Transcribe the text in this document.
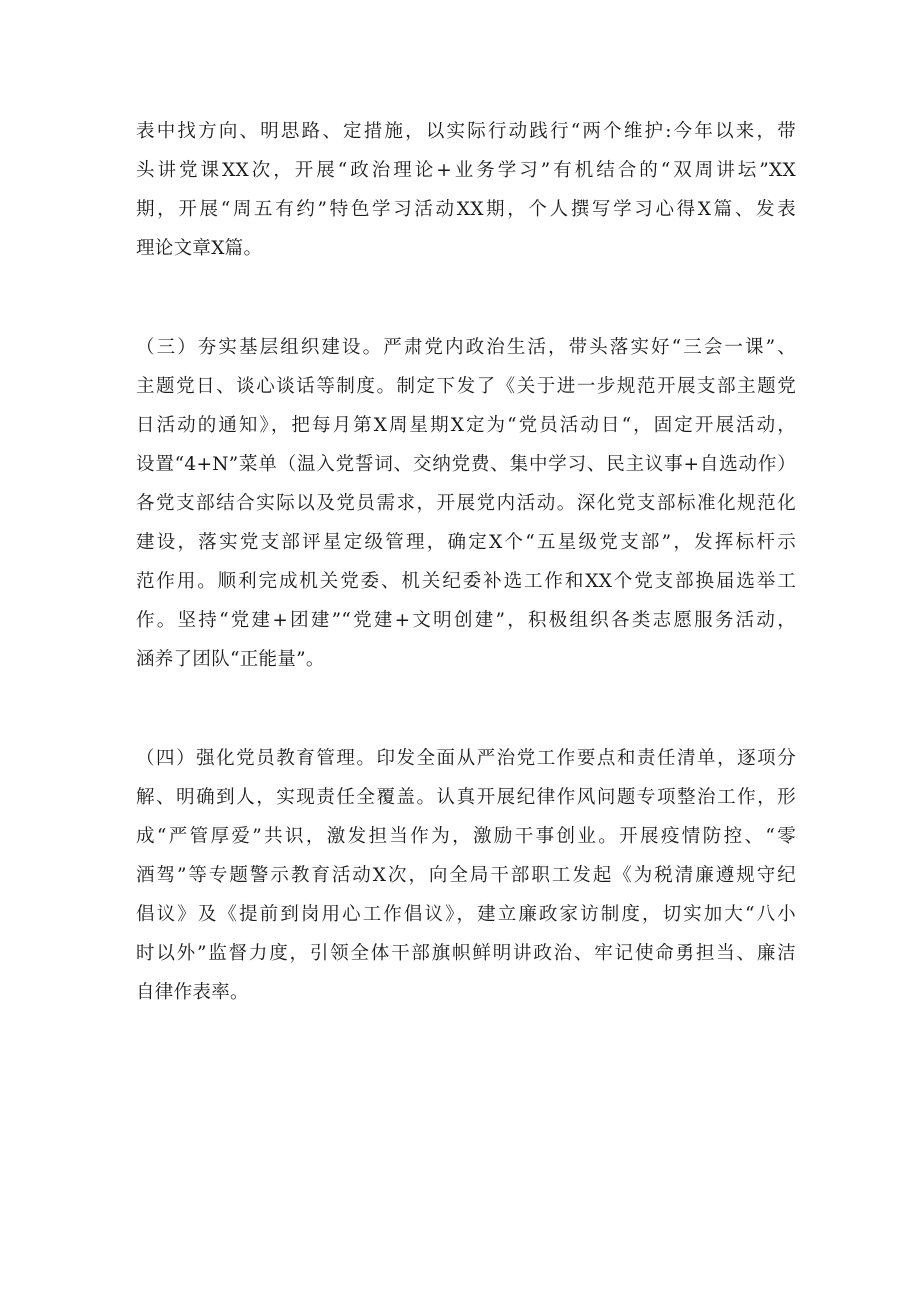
表中找方向、明思路、定措施，以实际行动践行“两个维护:今年以来，带
头讲党课XX次，开展“政治理论+业务学习”有机结合的“双周讲坛”XX
期，开展“周五有约”特色学习活动XX期，个人撰写学习心得X篇、发表
理论文章X篇。
（三）夯实基层组织建设。严肃党内政治生活，带头落实好“三会一课”、
主题党日、谈心谈话等制度。制定下发了《关于进一步规范开展支部主题党
日活动的通知》，把每月第X周星期X定为“党员活动日“，固定开展活动，
设置“4+N”菜单（温入党誓词、交纳党费、集中学习、民主议事+自选动作）
各党支部结合实际以及党员需求，开展党内活动。深化党支部标准化规范化
建设，落实党支部评星定级管理，确定X个“五星级党支部”，发挥标杆示
范作用。顺利完成机关党委、机关纪委补选工作和XX个党支部换届选举工
作。坚持“党建+团建”“党建+文明创建”，积极组织各类志愿服务活动，
涵养了团队“正能量”。
（四）强化党员教育管理。印发全面从严治党工作要点和责任清单，逐项分
解、明确到人，实现责任全覆盖。认真开展纪律作风问题专项整治工作，形
成“严管厚爱”共识，激发担当作为，激励干事创业。开展疫情防控、“零
酒驾”等专题警示教育活动X次，向全局干部职工发起《为税清廉遵规守纪
倡议》及《提前到岗用心工作倡议》，建立廉政家访制度，切实加大“八小
时以外”监督力度，引领全体干部旗帜鲜明讲政治、牢记使命勇担当、廉洁
自律作表率。
